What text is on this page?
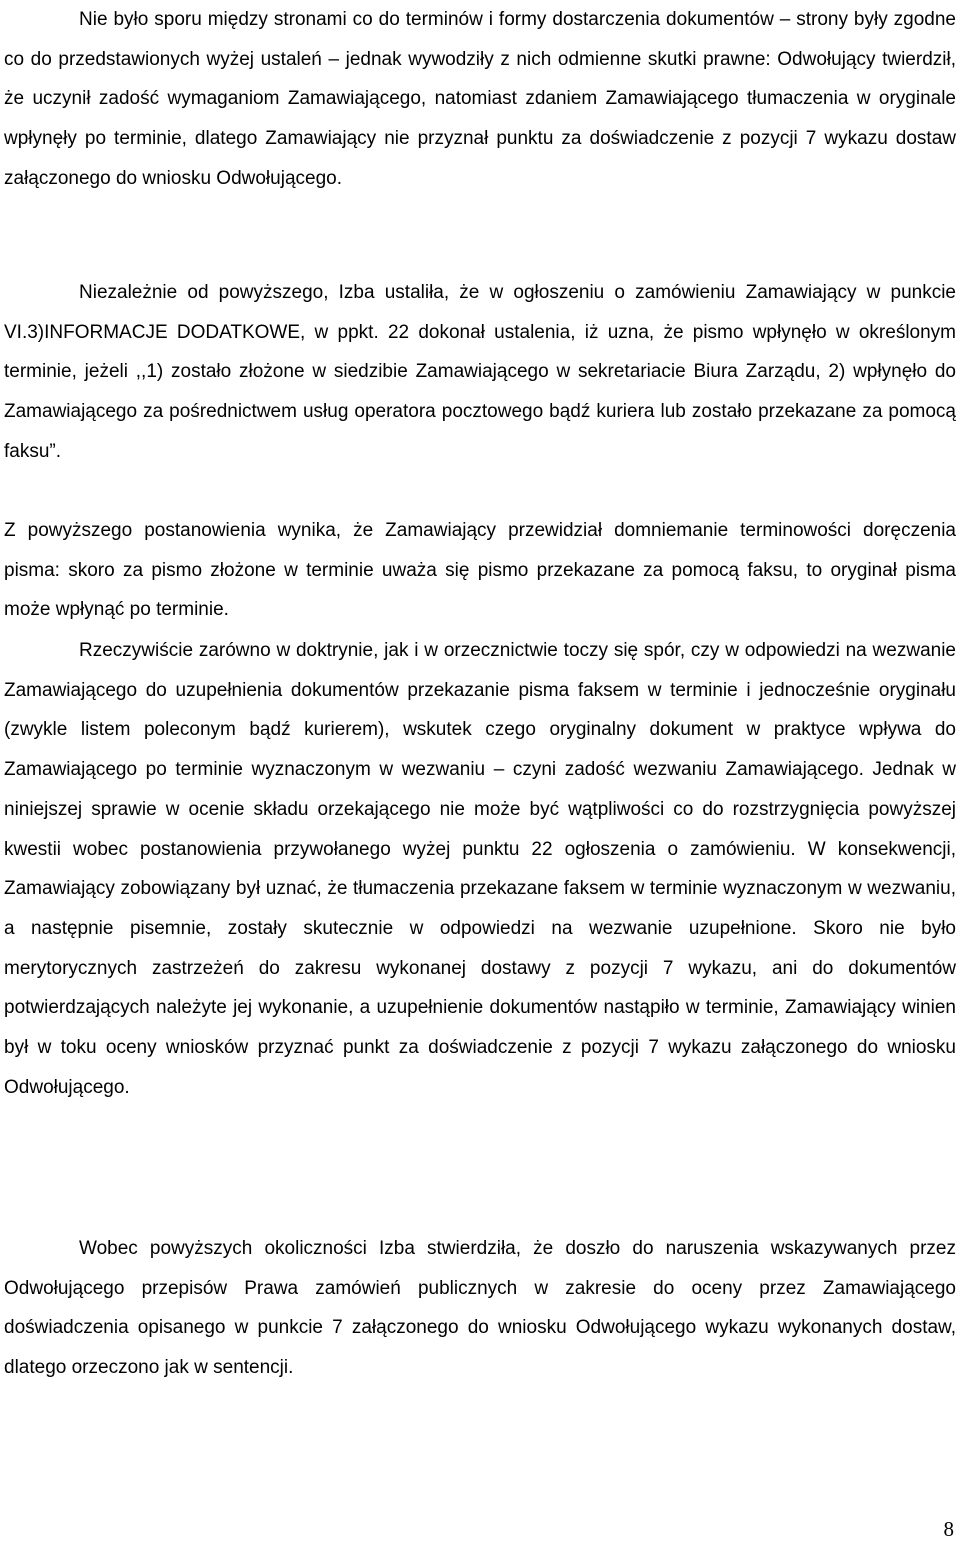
Nie było sporu między stronami co do terminów i formy dostarczenia dokumentów – strony były zgodne co do przedstawionych wyżej ustaleń – jednak wywodziły z nich odmienne skutki prawne: Odwołujący twierdził, że uczynił zadość wymaganiom Zamawiającego, natomiast zdaniem Zamawiającego tłumaczenia w oryginale wpłynęły po terminie, dlatego Zamawiający nie przyznał punktu za doświadczenie z pozycji 7 wykazu dostaw załączonego do wniosku Odwołującego.

Niezależnie od powyższego, Izba ustaliła, że w ogłoszeniu o zamówieniu Zamawiający w punkcie VI.3)INFORMACJE DODATKOWE, w ppkt. 22 dokonał ustalenia, iż uzna, że pismo wpłynęło w określonym terminie, jeżeli ,,1) zostało złożone w siedzibie Zamawiającego w sekretariacie Biura Zarządu, 2) wpłynęło do Zamawiającego za pośrednictwem usług operatora pocztowego bądź kuriera lub zostało przekazane za pomocą faksu”.

Z powyższego postanowienia wynika, że Zamawiający przewidział domniemanie terminowości doręczenia pisma: skoro za pismo złożone w terminie uważa się pismo przekazane za pomocą faksu, to oryginał pisma może wpłynąć po terminie.

Rzeczywiście zarówno w doktrynie, jak i w orzecznictwie toczy się spór, czy w odpowiedzi na wezwanie Zamawiającego do uzupełnienia dokumentów przekazanie pisma faksem w terminie i jednocześnie oryginału (zwykle listem poleconym bądź kurierem), wskutek czego oryginalny dokument w praktyce wpływa do Zamawiającego po terminie wyznaczonym w wezwaniu – czyni zadość wezwaniu Zamawiającego. Jednak w niniejszej sprawie w ocenie składu orzekającego nie może być wątpliwości co do rozstrzygnięcia powyższej kwestii wobec postanowienia przywołanego wyżej punktu 22 ogłoszenia o zamówieniu. W konsekwencji, Zamawiający zobowiązany był uznać, że tłumaczenia przekazane faksem w terminie wyznaczonym w wezwaniu, a następnie pisemnie, zostały skutecznie w odpowiedzi na wezwanie uzupełnione. Skoro nie było merytorycznych zastrzeżeń do zakresu wykonanej dostawy z pozycji 7 wykazu, ani do dokumentów potwierdzających należyte jej wykonanie, a uzupełnienie dokumentów nastąpiło w terminie, Zamawiający winien był w toku oceny wniosków przyznać punkt za doświadczenie z pozycji 7 wykazu załączonego do wniosku Odwołującego.

Wobec powyższych okoliczności Izba stwierdziła, że doszło do naruszenia wskazywanych przez Odwołującego przepisów Prawa zamówień publicznych w zakresie do oceny przez Zamawiającego doświadczenia opisanego w punkcie 7 załączonego do wniosku Odwołującego wykazu wykonanych dostaw, dlatego orzeczono jak w sentencji.

8
